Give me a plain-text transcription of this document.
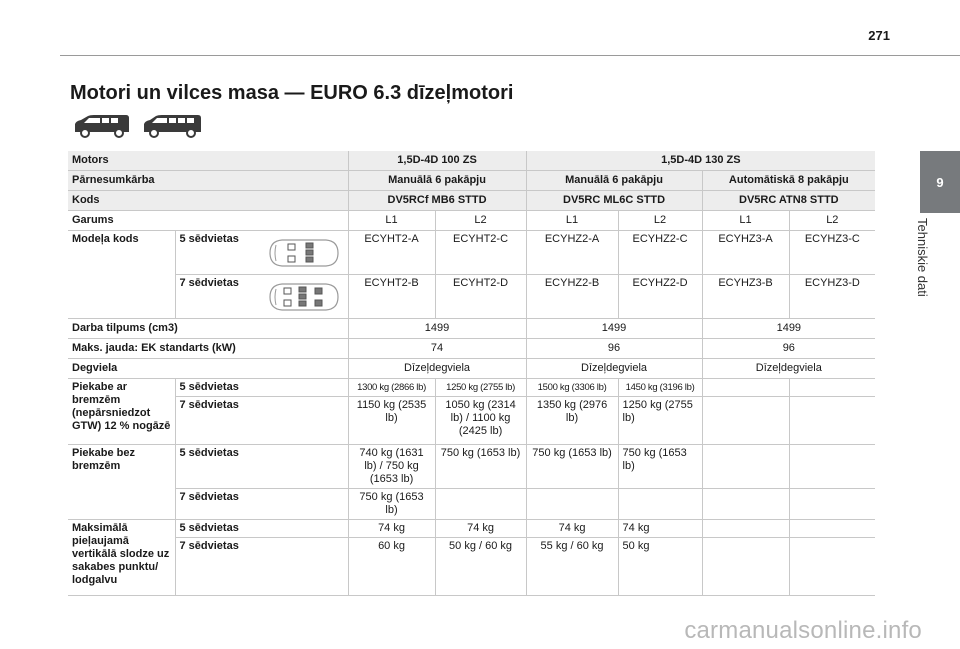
271
Motori un vilces masa — EURO 6.3 dīzeļmotori
9
Tehniskie dati
Motors			1,5D-4D 100 ZS		1,5D-4D 130 ZS			
Pārnesumkārba			Manuālā 6 pakāpju		Manuālā 6 pakāpju		Automātiskā 8 pakāpju	
Kods			DV5RCf MB6 STTD		DV5RC ML6C STTD		DV5RC ATN8 STTD	
Garums			L1	L2	L1	L2	L1	L2
Modeļa kods	5 sēdvietas		ECYHT2-A	ECYHT2-C	ECYHZ2-A	ECYHZ2-C	ECYHZ3-A	ECYHZ3-C
	7 sēdvietas		ECYHT2-B	ECYHT2-D	ECYHZ2-B	ECYHZ2-D	ECYHZ3-B	ECYHZ3-D
Darba tilpums (cm3)			1499		1499		1499	
Maks. jauda: EK standarts (kW)			74		96		96	
Degviela			Dīzeļdegviela		Dīzeļdegviela		Dīzeļdegviela	
Piekabe ar bremzēm (nepārsniedzot GTW) 12 % nogāzē	5 sēdvietas		1300 kg (2866 lb)	1250 kg (2755 lb)	1500 kg (3306 lb)	1450 kg (3196 lb)		
	7 sēdvietas		1150 kg (2535 lb)	1050 kg (2314 lb) / 1100 kg (2425 lb)	1350 kg (2976 lb)	1250 kg (2755 lb)		
Piekabe bez bremzēm	5 sēdvietas		740 kg (1631 lb) / 750 kg (1653 lb)	750 kg (1653 lb)	750 kg (1653 lb)	750 kg (1653 lb)		
	7 sēdvietas		750 kg (1653 lb)					
Maksimālā pieļaujamā vertikālā slodze uz sakabes punktu/ lodgalvu	5 sēdvietas		74 kg	74 kg	74 kg	74 kg		
	7 sēdvietas		60 kg	50 kg / 60 kg	55 kg / 60 kg	50 kg		
carmanualsonline.info
